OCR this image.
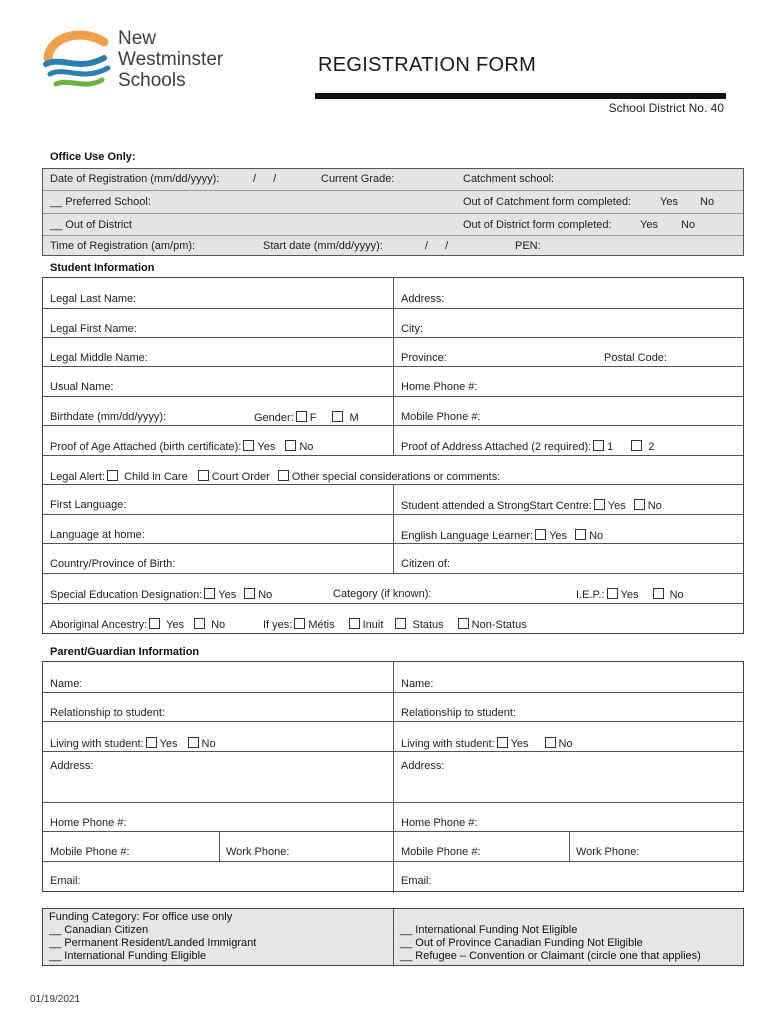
New
Westminster
Schools
REGISTRATION FORM
School District No. 40
Office Use Only:
Date of Registration (mm/dd/yyyy):	/ /	Current Grade:	Catchment school:
__ Preferred School:	Out of Catchment form completed:	Yes No
__ Out of District	Out of District form completed:	Yes No
Time of Registration (am/pm):	Start date (mm/dd/yyyy):	/ /	PEN:
Student Information
Legal Last Name:	Address:
Legal First Name:	City:
Legal Middle Name:	Province:	Postal Code:
Usual Name:	Home Phone #:
Birthdate (mm/dd/yyyy):	Gender: F	M	Mobile Phone #:
Proof of Age Attached (birth certificate): Yes No	Proof of Address Attached (2 required): 1	2
Legal Alert: Child in Care Court Order Other special considerations or comments:
First Language:	Student attended a StrongStart Centre: Yes No
Language at home:	English Language Learner: Yes No
Country/Province of Birth:	Citizen of:
Special Education Designation: Yes No	Category (if known):	I.E.P.: Yes	No
Aboriginal Ancestry: Yes No	If yes: Métis	Inuit	Status	Non-Status
Parent/Guardian Information
Name:	Name:
Relationship to student:	Relationship to student:
Living with student: Yes No	Living with student: Yes	No
Address:	Address:
Home Phone #:	Home Phone #:
Mobile Phone #:	Work Phone:	Mobile Phone #:	Work Phone:
Email:	Email:
Funding Category: For office use only
__ Canadian Citizen
__ Permanent Resident/Landed Immigrant
__ International Funding Eligible
__ International Funding Not Eligible
__ Out of Province Canadian Funding Not Eligible
__ Refugee – Convention or Claimant (circle one that applies)
01/19/2021
